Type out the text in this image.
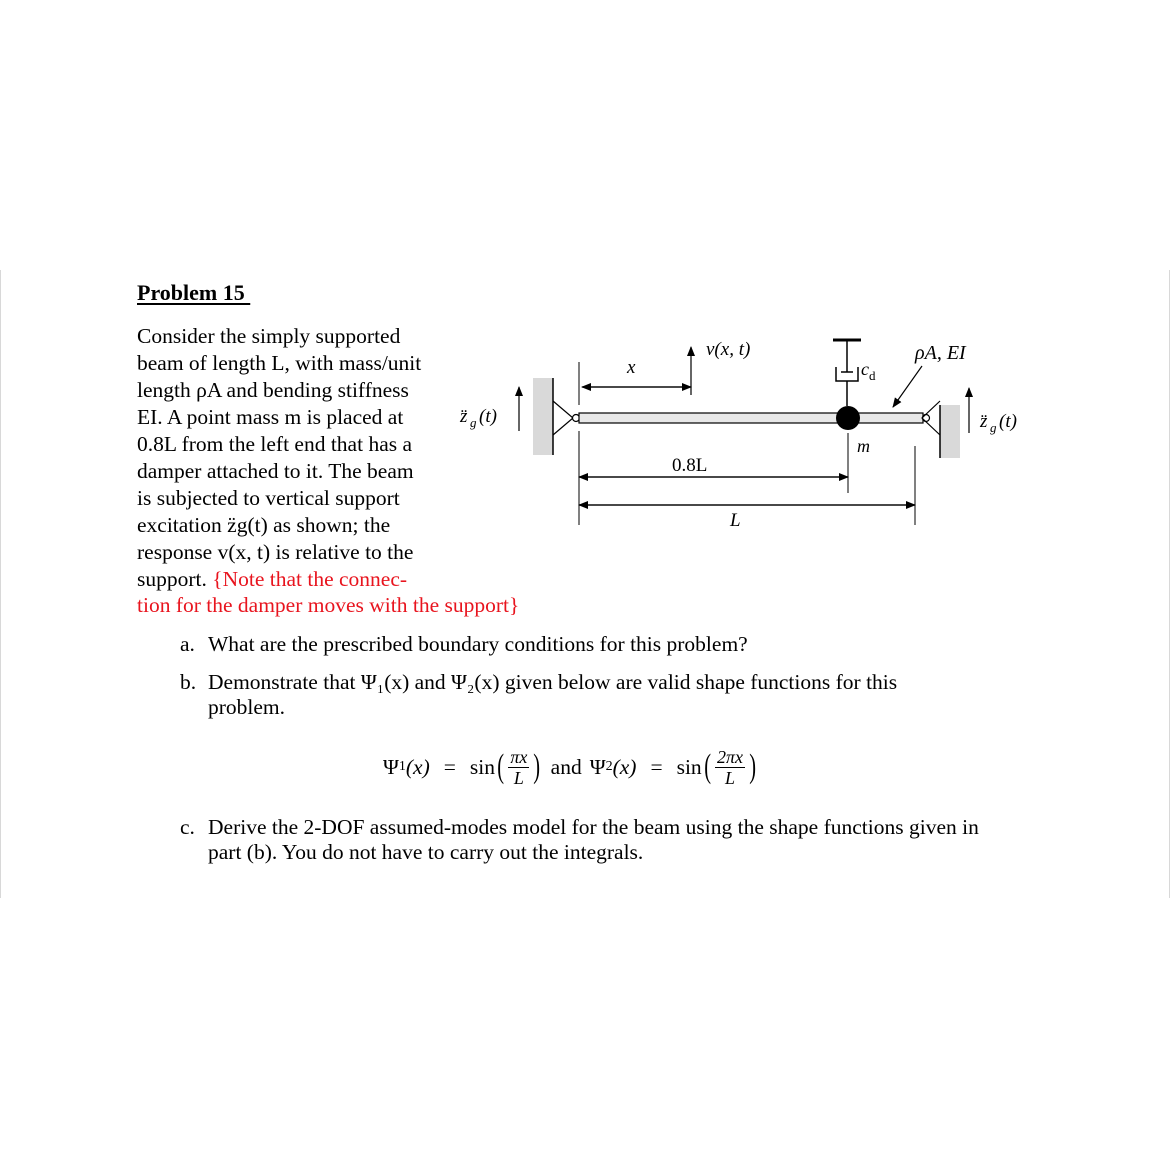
Problem 15
Consider the simply supported
beam of length L, with mass/unit
length ρA and bending stiffness
EI. A point mass m is placed at
0.8L from the left end that has a
damper attached to it. The beam
is subjected to vertical support
excitation z̈g(t) as shown; the
response v(x, t) is relative to the
support. {Note that the connec-
tion for the damper moves with the support}
c d
ρA, EI
m
v(x, t)
x
z̈ g (t)	z̈ g (t)
0.8L
L
a. What are the prescribed boundary conditions for this problem?
b. Demonstrate that Ψ₁(x) and Ψ₂(x) given below are valid shape functions for this
problem.
Ψ 1 (x) = sin ( $\frac{\pi x}{L}$ ) and Ψ 2 (x) = sin ( $\frac{2\pi x}{L}$ )
c. Derive the 2-DOF assumed-modes model for the beam using the shape functions given in
part (b). You do not have to carry out the integrals.
